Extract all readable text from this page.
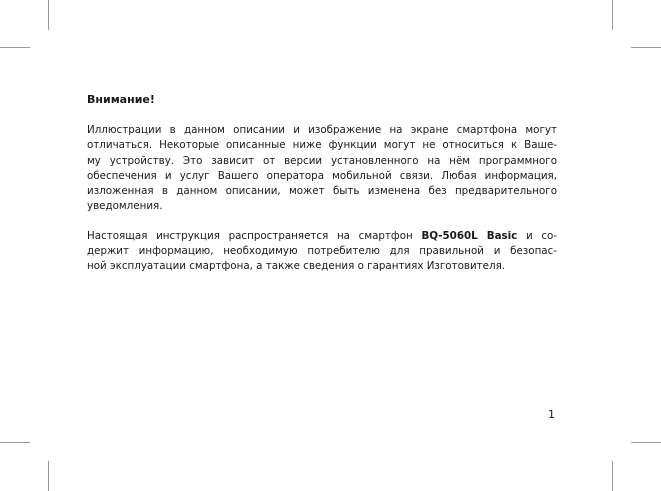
Внимание!
Иллюстрации в данном описании и изображение на экране смартфона могут
отличаться. Некоторые описанные ниже функции могут не относиться к Ваше-
му устройству. Это зависит от версии установленного на нём программного
обеспечения и услуг Вашего оператора мобильной связи. Любая информация,
изложенная в данном описании, может быть изменена без предварительного
уведомления.
Настоящая инструкция распространяется на смартфон BQ-5060L Basic и со-
держит информацию, необходимую потребителю для правильной и безопас-
ной эксплуатации смартфона, а также сведения о гарантиях Изготовителя.
1
